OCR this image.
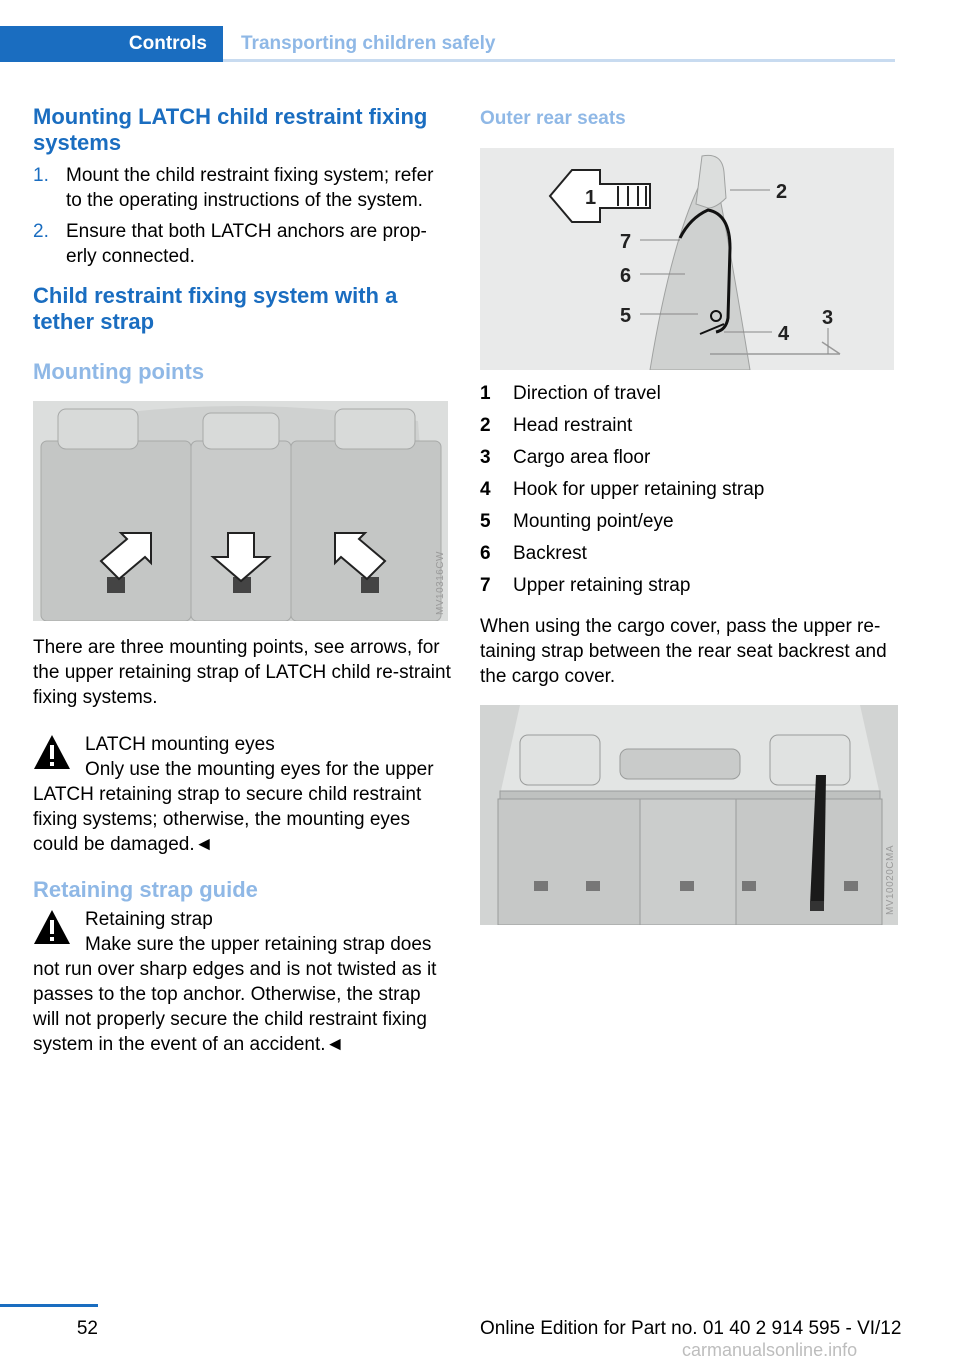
Controls	Transporting children safely
Mounting LATCH child restraint fixing systems
1. Mount the child restraint fixing system; refer to the operating instructions of the system.
2. Ensure that both LATCH anchors are prop-erly connected.
Child restraint fixing system with a tether strap
Mounting points
MV10316CW

There are three mounting points, see arrows, for the upper retaining strap of LATCH child re-straint fixing systems.

LATCH mounting eyes
Only use the mounting eyes for the upper LATCH retaining strap to secure child restraint fixing systems; otherwise, the mounting eyes could be damaged.◄
Retaining strap guide
Retaining strap
Make sure the upper retaining strap does not run over sharp edges and is not twisted as it passes to the top anchor. Otherwise, the strap will not properly secure the child restraint fixing system in the event of an accident.◄
Outer rear seats
1	2
3
4
5
6
7
1 Direction of travel
2 Head restraint
3 Cargo area floor
4 Hook for upper retaining strap
5 Mounting point/eye
6 Backrest
7 Upper retaining strap

When using the cargo cover, pass the upper re-taining strap between the rear seat backrest and the cargo cover.

MV10020CMA
52	Online Edition for Part no. 01 40 2 914 595 - VI/12
carmanualsonline.info
